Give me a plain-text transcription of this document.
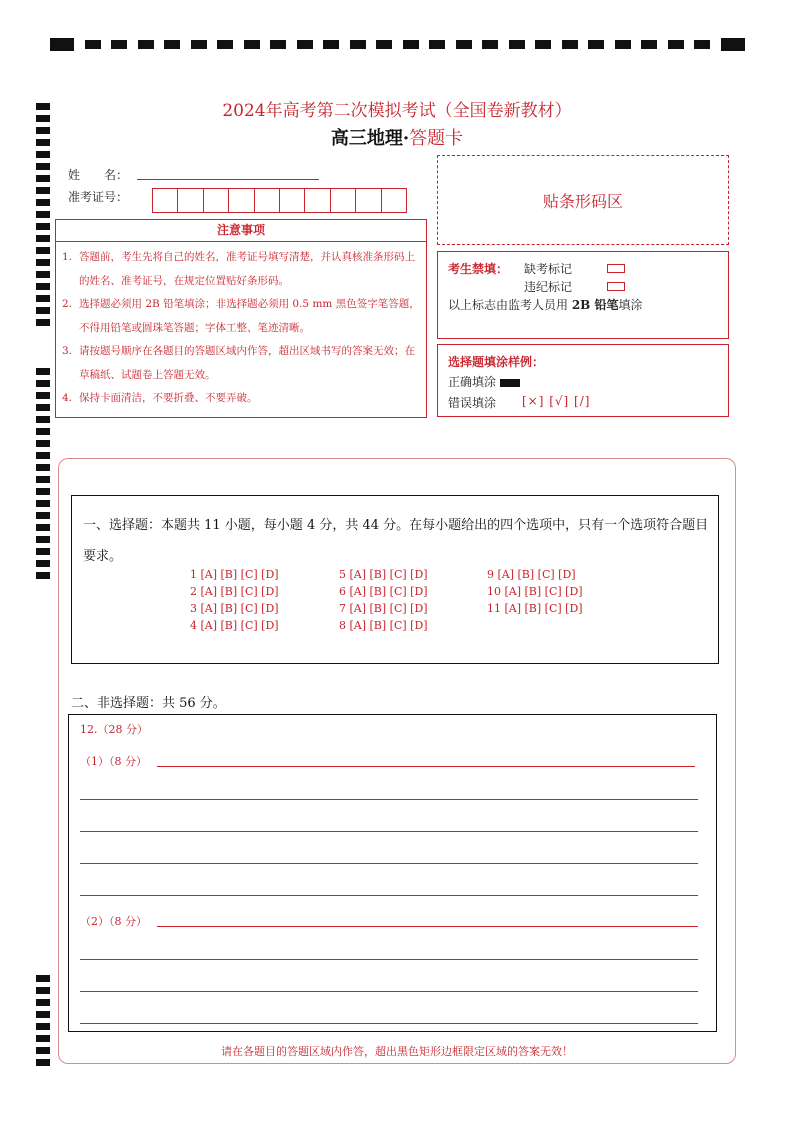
2024年高考第二次模拟考试（全国卷新教材）
高三地理·答题卡
姓　　名：
准考证号：	贴条形码区
注意事项
1. 答题前，考生先将自己的姓名，准考证号填写清楚，并认真核准条形码上的姓名、准考证号，在规定位置贴好条形码。
2. 选择题必须用 2B 铅笔填涂；非选择题必须用 0.5 mm 黑色签字笔答题，不得用铅笔或圆珠笔答题；字体工整、笔迹清晰。
3. 请按题号顺序在各题目的答题区域内作答，超出区域书写的答案无效；在草稿纸、试题卷上答题无效。
4. 保持卡面清洁，不要折叠、不要弄破。
考生禁填： 缺考标记
违纪标记
以上标志由监考人员用 2B 铅笔填涂
选择题填涂样例：
正确填涂
错误填涂 [×] [√] [/]
一、选择题：本题共 11 小题，每小题 4 分，共 44 分。在每小题给出的四个选项中，只有一个选项符合题目要求。
1 [A] [B] [C] [D]
2 [A] [B] [C] [D]
3 [A] [B] [C] [D]
4 [A] [B] [C] [D]
5 [A] [B] [C] [D]
6 [A] [B] [C] [D]
7 [A] [B] [C] [D]
8 [A] [B] [C] [D]
9 [A] [B] [C] [D]
10 [A] [B] [C] [D]
11 [A] [B] [C] [D]
二、非选择题：共 56 分。
12.（28 分）
（1）（8 分）
（2）（8 分）
请在各题目的答题区域内作答，超出黑色矩形边框限定区域的答案无效！
